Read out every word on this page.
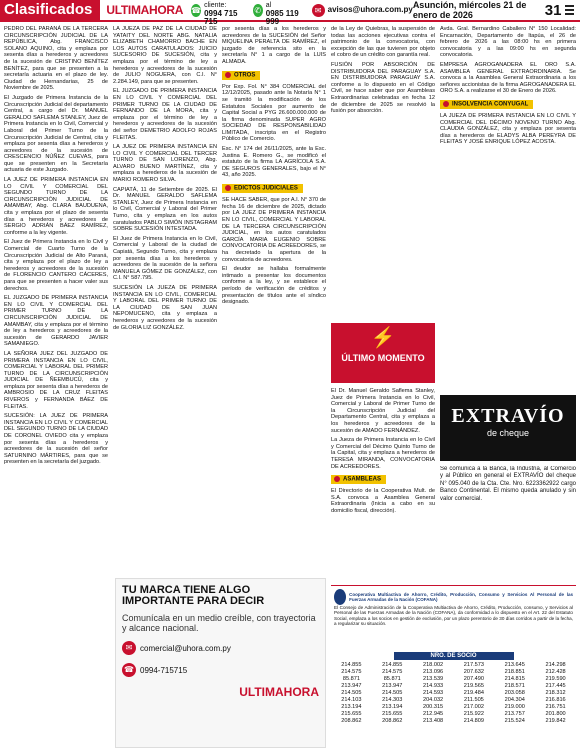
Clasificados	ULTIMAHORA ☎ cliente:
0994 715 715
✆ al
0985 119 999
✉ avisos@uhora.com.py Asunción, miércoles 21 de enero de 2026	31

PEDRO DEL PARANÁ DE LA TERCERA CIRCUNSCRIPCIÓN JUDICIAL DE LA REPÚBLICA, Abg. FRANCISCO SOLANO AQUINO, cita y emplaza por sesenta días a herederos y acreedores de la sucesión de CRISTINO BENÍTEZ BENÍTEZ, para que se presenten a la secretaría actuaria en el plazo de ley. Ciudad de Hernandarias, 25 de Noviembre de 2025.

El Juzgado de Primera Instancia de la Circunscripción Judicial del departamento Central, a cargo del Dr. MANUEL GERALDO SAFLEMA STANLEY, Juez de Primera Instancia en lo Civil, Comercial y Laboral del Primer Turno de la Circunscripción Judicial de Central, cita y emplaza por sesenta días a herederos y acreedores de la sucesión de CRESCENCIO NÚÑEZ CUEVAS, para que se presenten en la Secretaría actuaria de este Juzgado.

LA JUEZ DE PRIMERA INSTANCIA EN LO CIVIL Y COMERCIAL DEL SEGUNDO TURNO DE LA CIRCUNSCRIPCIÓN JUDICIAL DE AMAMBAY, Abg. CLARA BAUDUENA, cita y emplaza por el plazo de sesenta días a herederos y acreedores de SERGIO ADRIÁN BÁEZ RAMÍREZ, conforme a la ley vigente.

El Juez de Primera Instancia en lo Civil y Comercial de Cuarto Turno de la Circunscripción Judicial de Alto Paraná, cita y emplaza por el plazo de ley a herederos y acreedores de la sucesión de FLORENCIO CANTERO CÁCERES, para que se presenten a hacer valer sus derechos.

EL JUZGADO DE PRIMERA INSTANCIA EN LO CIVIL Y COMERCIAL DEL PRIMER TURNO DE LA CIRCUNSCRIPCIÓN JUDICIAL DE AMAMBAY, cita y emplaza por el término de ley a herederos y acreedores de la sucesión de GERARDO JAVIER SAMANIEGO.

LA SEÑORA JUEZ DEL JUZGADO DE PRIMERA INSTANCIA EN LO CIVIL, COMERCIAL Y LABORAL DEL PRIMER TURNO DE LA CIRCUNSCRIPCIÓN JUDICIAL DE ÑEEMBUCÚ, cita y emplaza por sesenta días a herederos de AMBROSIO DE LA CRUZ FLEITAS RIVEROS y FERNANDA BÁEZ DE FLEITAS.

SUCESIÓN: LA JUEZ DE PRIMERA INSTANCIA EN LO CIVIL Y COMERCIAL DEL SEGUNDO TURNO DE LA CIUDAD DE CORONEL OVIEDO cita y emplaza por sesenta días a herederos y acreedores de la sucesión del señor SATURNINO MÁRTIRES, para que se presenten en la secretaría del juzgado.

LA JUEZA DE PAZ DE LA CIUDAD DE YATAITY DEL NORTE ABG. NATALIA ELIZABETH CHAMORRO BACHE EN LOS AUTOS CARATULADOS: JUICIO SUCESORIO DE SUCESIÓN, cita y emplaza por el término de ley a herederos y acreedores de la sucesión de JULIO NOGUERA, con C.I. N° 2.284.149, para que se presenten.

EL JUZGADO DE PRIMERA INSTANCIA EN LO CIVIL Y COMERCIAL DEL PRIMER TURNO DE LA CIUDAD DE FERNANDO DE LA MORA, cita y emplaza por el término de ley a herederos y acreedores de la sucesión del señor DEMETRIO ADOLFO ROJAS FLEITAS.

LA JUEZ DE PRIMERA INSTANCIA EN LO CIVIL Y COMERCIAL DEL TERCER TURNO DE SAN LORENZO, Abg. ALVARO BUENO MARTÍNEZ, cita y emplaza a herederos de la sucesión de MARIO ROMERO SILVA.

CAPIATÁ, 11 de Setiembre de 2025. El Dr. MANUEL GERALDO SAFLEMA STANLEY, Juez de Primera Instancia en lo Civil, Comercial y Laboral del Primer Turno, cita y emplaza en los autos caratulados PABLO SIMÓN INSTAGRAM SOBRE SUCESIÓN INTESTADA.

El Juez de Primera Instancia en lo Civil, Comercial y Laboral de la ciudad de Capiatá, Segundo Turno, cita y emplaza por sesenta días a los herederos y acreedores de la sucesión de la señora MANUELA GÓMEZ DE GONZÁLEZ, con C.I. N° 587.795.

SUCESIÓN LA JUEZA DE PRIMERA INSTANCIA EN LO CIVIL, COMERCIAL Y LABORAL DEL PRIMER TURNO DE LA CIUDAD DE SAN JUAN NEPOMUCENO, cita y emplaza a herederos y acreedores de la sucesión de GLORIA LIZ GONZÁLEZ.

por sesenta días a los herederos y acreedores de la SUCESIÓN del Señor MIQUELINA PERALTA DE RAMÍREZ, el juzgado de referencia sito en la secretaría N° 1 a cargo de la LUIS ALMADA.

OTROS

Por Exp. Fol. N° 384 COMERCIAL del 12/12/2025, pasado ante la Notaría N° 1 se tramitó la modificación de los Estatutos Sociales por aumento de Capital Social a PYG 26.600.000.000 de la firma denominada SUPER AGRO SOCIEDAD DE RESPONSABILIDAD LIMITADA, inscripta en el Registro Público de Comercio.

Esc. N° 174 del 26/11/2025, ante la Esc. Justina E. Romero G., se modificó el estatuto de la firma LA AGRÍCOLA S.A. DE SEGUROS GENERALES, bajo el N° 43, año 2025.

EDICTOS JUDICIALES

SE HACE SABER, que por A.I. N° 370 de fecha 16 de diciembre de 2025, dictado por LA JUEZ DE PRIMERA INSTANCIA EN LO CIVIL, COMERCIAL Y LABORAL DE LA TERCERA CIRCUNSCRIPCIÓN JUDICIAL, en los autos caratulados GARCÍA MARIA EUGENIO SOBRE CONVOCATORIA DE ACREEDORES, se ha decretado la apertura de la convocatoria de acreedores.

El deudor se hallaba formalmente intimado a presentar los documentos conforme a la ley, y se establece el período de verificación de créditos y presentación de títulos ante el síndico designado.

de la Ley de Quiebras, la suspensión de todas las acciones ejecutivas contra el patrimonio de la convocatoria, con excepción de las que tuvieren por objeto el cobro de un crédito con garantía real.

FUSIÓN POR ABSORCIÓN DE DISTRIBUIDORA DEL PARAGUAY S.A. EN DISTRIBUIDORA PARAGUAY S.A. conforme a lo dispuesto en el Código Civil, se hace saber que por Asambleas Extraordinarias celebradas en fecha 12 de diciembre de 2025 se resolvió la fusión por absorción.

⚡
ÚLTIMO MOMENTO

El Dr. Manuel Geraldo Saflema Stanley, Juez de Primera Instancia en lo Civil, Comercial y Laboral de Primer Turno de la Circunscripción Judicial del Departamento Central, cita y emplaza a los herederos y acreedores de la sucesión de AMADO FERNÁNDEZ.

La Jueza de Primera Instancia en lo Civil y Comercial del Décimo Quinto Turno de la Capital, cita y emplaza a herederos de TERESA MIRANDA, CONVOCATORIA DE ACREEDORES.

ASAMBLEAS

El Directorio de la Cooperativa Mult. de S.A. convoca a Asamblea General Extraordinaria (Inicia a cabo en su domicilio fiscal, dirección).

Avda. Gral. Bernardino Caballero N° 150 Localidad: Encarnación, Departamento de Itapúa, el 26 de febrero de 2026 a las 08:00 hs en primera convocatoria y a las 09:00 hs en segunda convocatoria.

EMPRESA AGROGANADERA EL ORO S.A. ASAMBLEA GENERAL EXTRAORDINARIA. Se convoca a la Asamblea General Extraordinaria a los señores accionistas de la firma AGROGANADERA EL ORO S.A. a realizarse el 30 de Enero de 2026.

INSOLVENCIA CONYUGAL

LA JUEZA DE PRIMERA INSTANCIA EN LO CIVIL Y COMERCIAL DEL DÉCIMO NOVENO TURNO Abg. CLAUDIA GONZÁLEZ, cita y emplaza por sesenta días a herederos de ELADYS ALBA PEREYRA DE FLEITAS Y JOSÉ ENRIQUE LÓPEZ ACOSTA.

EXTRAVÍO
de cheque

Se comunica a la Banca, la Industria, al Comercio y al Público en general el EXTRAVÍO del cheque N° 095.040 de la Cta. Cte. Nro. 6223362922 cargo Banco Continental. El mismo queda anulado y sin valor comercial.

TU MARCA TIENE ALGO IMPORTANTE PARA DECIR
Comunícala en un medio creíble, con trayectoria y alcance nacional.
✉ comercial@uhora.com.py
☎ 0994-715715
ULTIMAHORA
Cooperativa Multiactiva de Ahorro, Crédito, Producción, Consumo y Servicios Al Personal de las Fuerzas Armadas de la Nación (COFANA)

El Consejo de Administración de la Cooperativa Multiactiva de Ahorro, Crédito, Producción, consumo, y Servicios al Personal de las Fuerzas Armadas de la Nación (COFANA), da conformidad a lo dispuesto en el Art. 22 del Estatuto Social, emplaza a los socios en gestión de exclusión, por un plazo perentorio de 30 días corridos a partir de la fecha, a regularizar su situación.

NRO. DE SOCIO
214.855	214.855	218.002	217.573	213.645	214.298
214.575	214.575	213.096	207.632	218.851	212.428
85.871	85.871	213.539	207.490	214.815	219.590
213.947	213.947	214.933	219.565	218.571	217.445
214.505	214.505	214.593	219.484	203.058	218.312
214.103	214.303	204.032	211.505	204.304	216.816
213.194	213.194	200.315	217.002	219.000	216.751
215.655	215.655	212.945	215.922	213.757	201.800
208.862	208.862	213.408	214.809	215.524	219.842
